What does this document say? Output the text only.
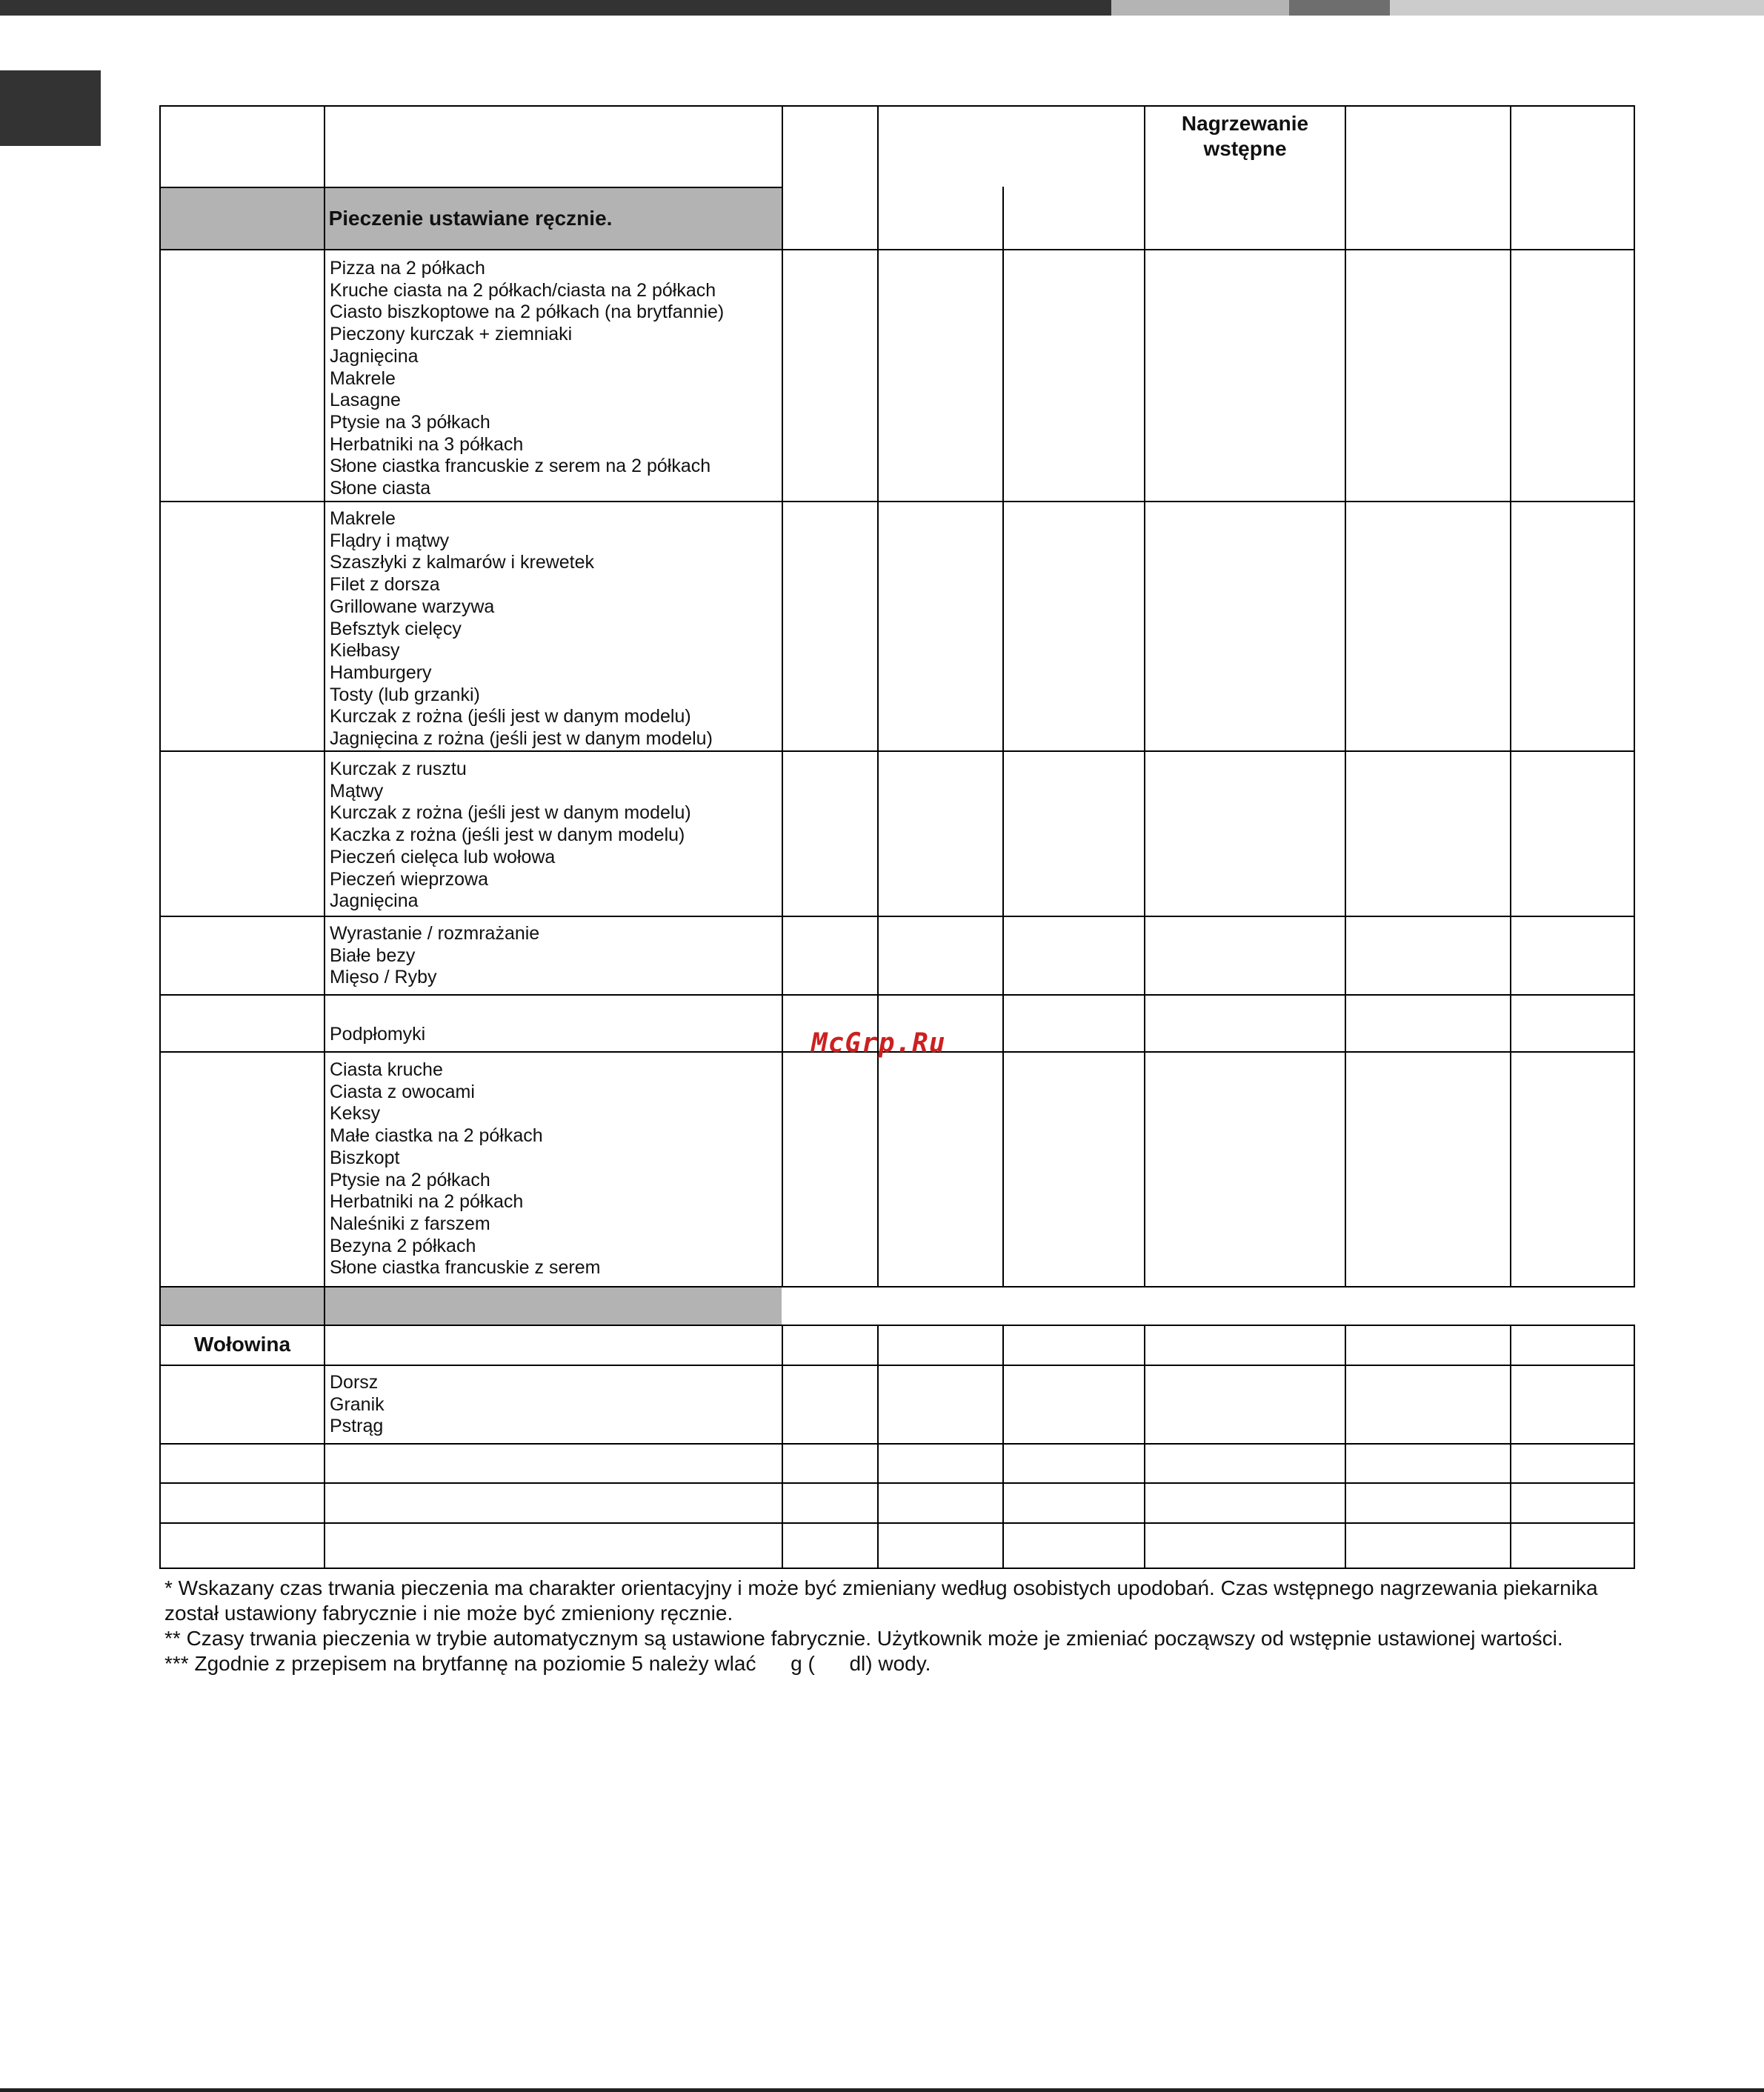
Nagrzewanie wstępne
Pieczenie ustawiane ręcznie.
Pizza na 2 półkach
Kruche ciasta na 2 półkach/ciasta na 2 półkach
Ciasto biszkoptowe na 2 półkach (na brytfannie)
Pieczony kurczak + ziemniaki
Jagnięcina
Makrele
Lasagne
Ptysie na 3 półkach
Herbatniki na 3 półkach
Słone ciastka francuskie z serem na 2 półkach
Słone ciasta
Makrele
Flądry i mątwy
Szaszłyki z kalmarów i krewetek
Filet z dorsza
Grillowane warzywa
Befsztyk cielęcy
Kiełbasy
Hamburgery
Tosty (lub grzanki)
Kurczak z rożna (jeśli jest w danym modelu)
Jagnięcina z rożna (jeśli jest w danym modelu)
Kurczak z rusztu
Mątwy
Kurczak z rożna (jeśli jest w danym modelu)
Kaczka z rożna (jeśli jest w danym modelu)
Pieczeń cielęca lub wołowa
Pieczeń wieprzowa
Jagnięcina
Wyrastanie / rozmrażanie
Białe bezy
Mięso / Ryby
Podpłomyki
Ciasta kruche
Ciasta z owocami
Keksy
Małe ciastka na 2 półkach
Biszkopt
Ptysie na 2 półkach
Herbatniki na 2 półkach
Naleśniki z farszem
Bezyna 2 półkach
Słone ciastka francuskie z serem
Wołowina
Dorsz
Granik
Pstrąg
* Wskazany czas trwania pieczenia ma charakter orientacyjny i może być zmieniany według osobistych upodobań. Czas wstępnego nagrzewania piekarnika
został ustawiony fabrycznie i nie może być zmieniony ręcznie.
** Czasy trwania pieczenia w trybie automatycznym są ustawione fabrycznie. Użytkownik może je zmieniać począwszy od wstępnie ustawionej wartości.
*** Zgodnie z przepisem na brytfannę na poziomie 5 należy wlać      g (      dl) wody.
McGrp.Ru
